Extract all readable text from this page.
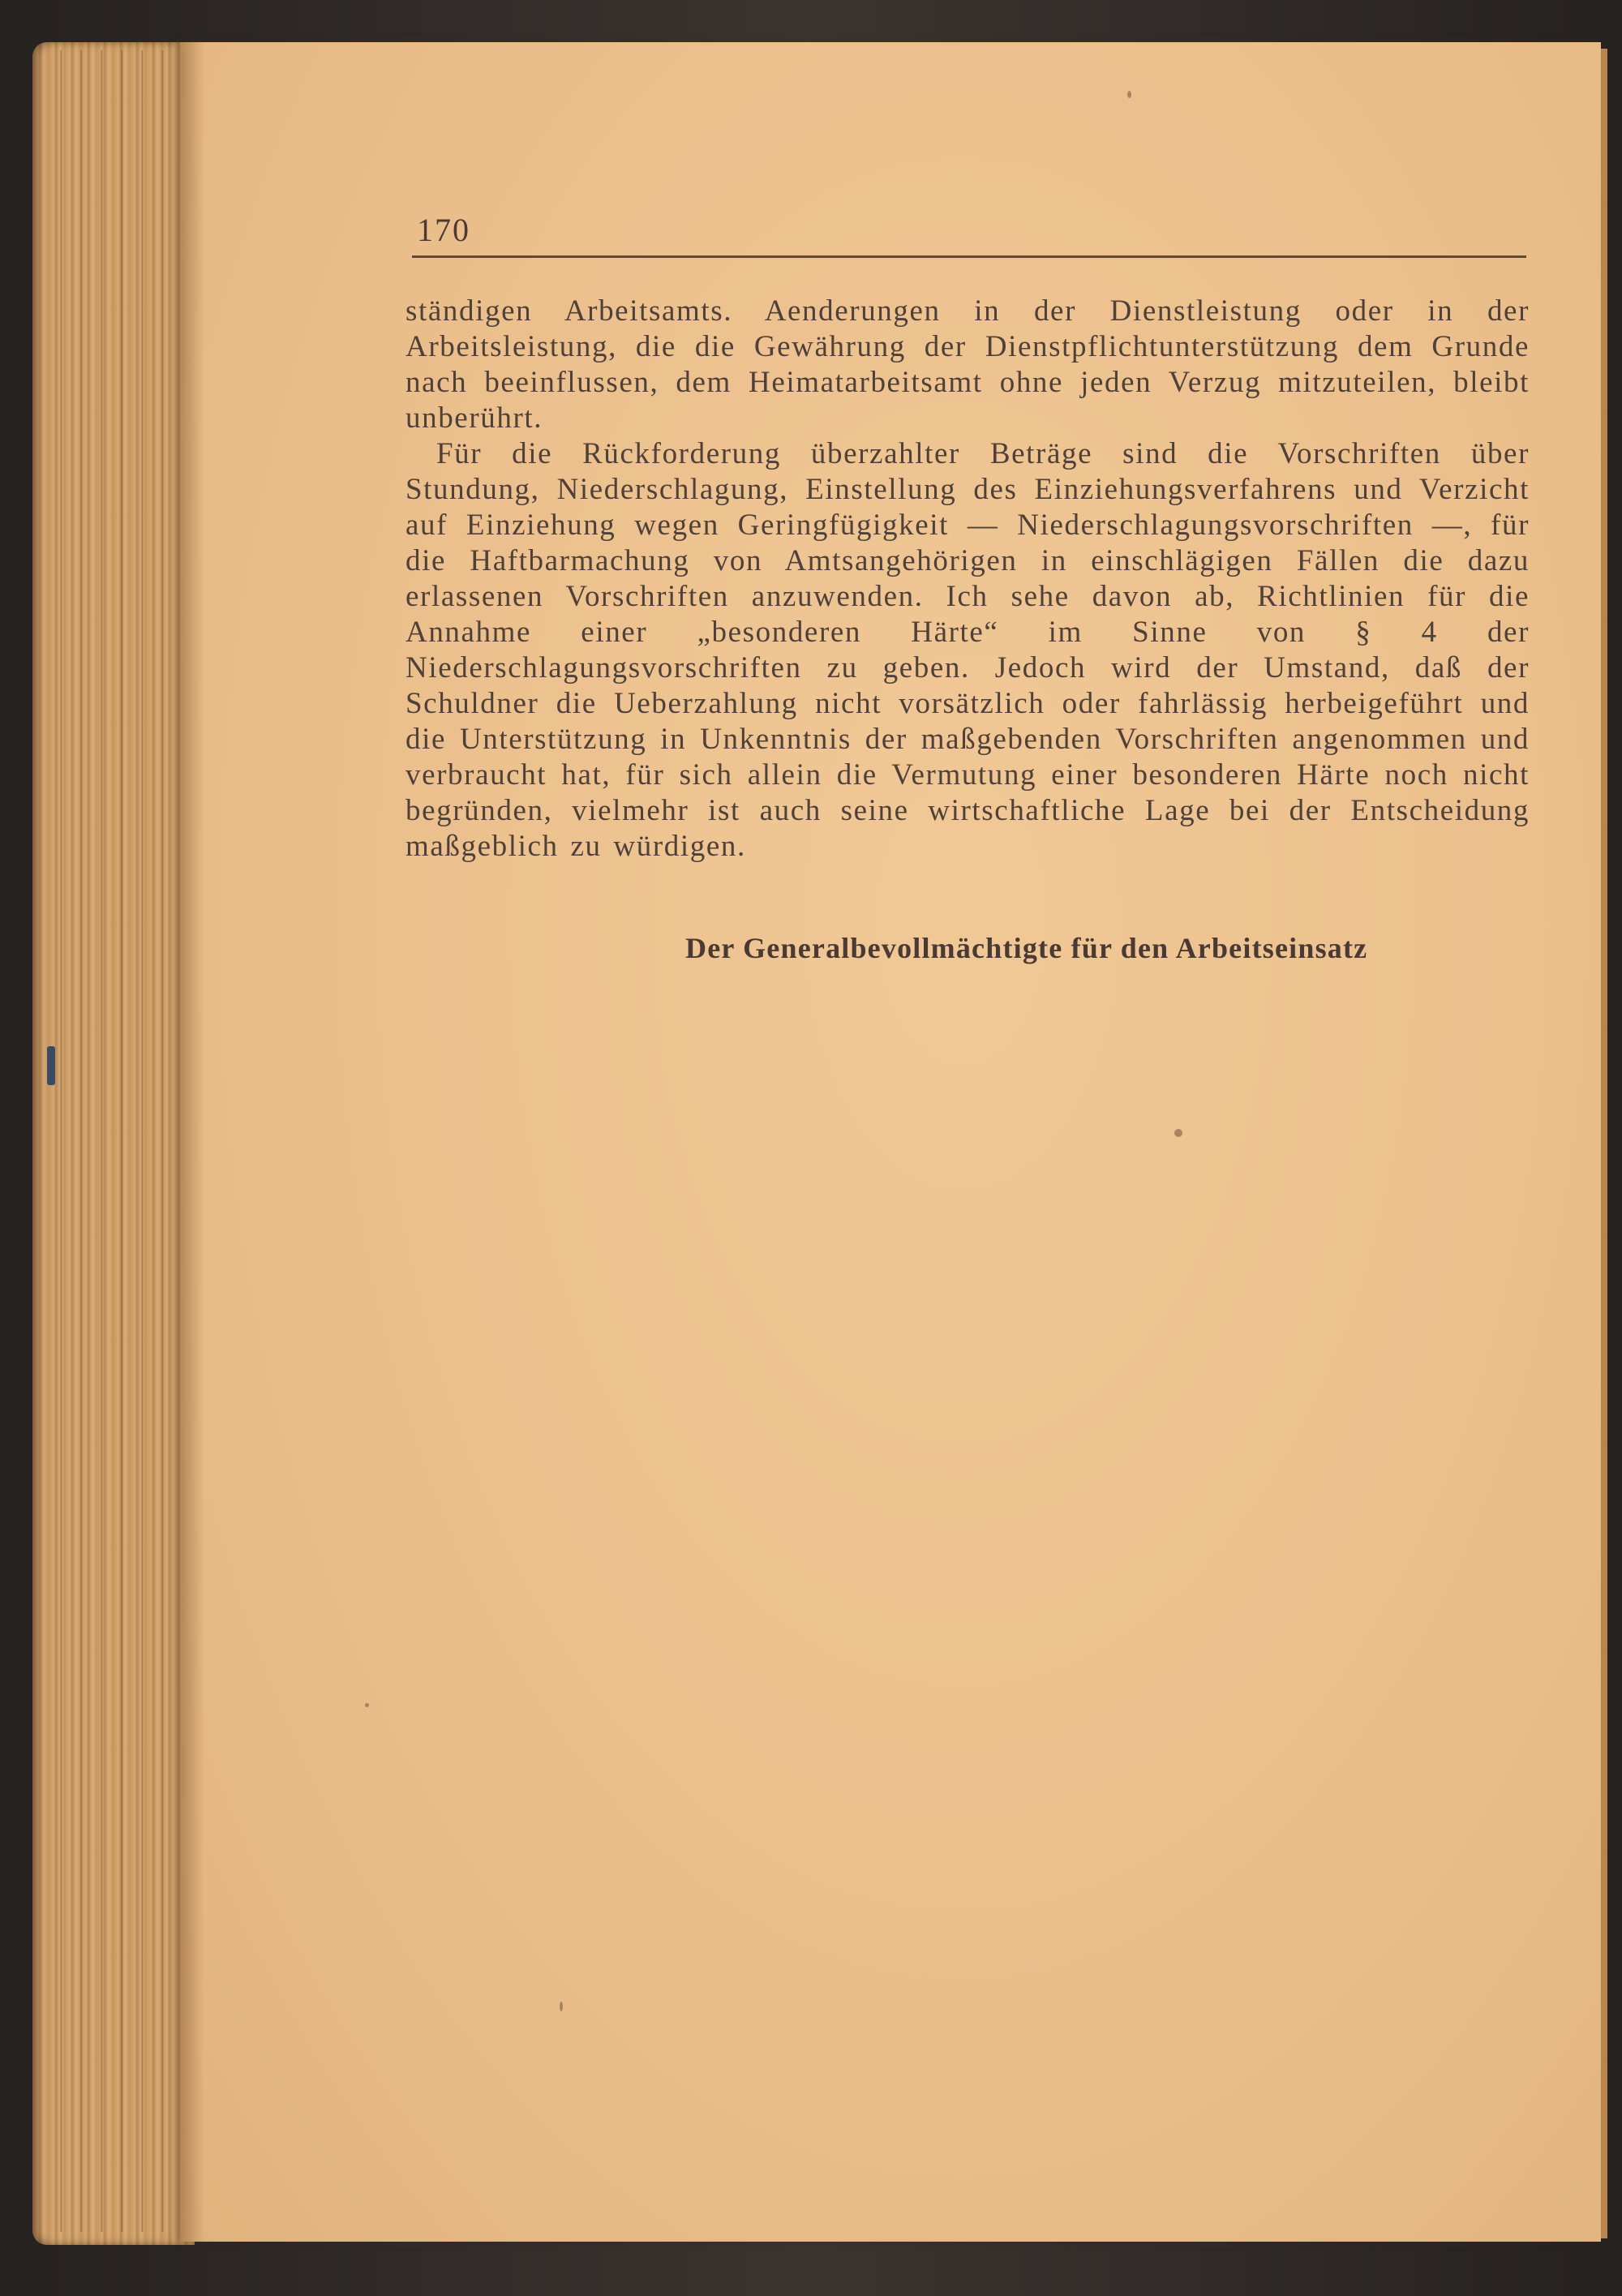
170

ständigen Arbeitsamts. Aenderungen in der Dienstleistung oder in der Arbeitsleistung, die die Gewährung der Dienstpflichtunterstützung dem Grunde nach beeinflussen, dem Heimatarbeitsamt ohne jeden Verzug mitzuteilen, bleibt unberührt.

Für die Rückforderung überzahlter Beträge sind die Vorschriften über Stundung, Niederschlagung, Einstellung des Einziehungsverfahrens und Verzicht auf Einziehung wegen Geringfügigkeit — Niederschlagungsvorschriften —, für die Haftbarmachung von Amtsangehörigen in einschlägigen Fällen die dazu erlassenen Vorschriften anzuwenden. Ich sehe davon ab, Richtlinien für die Annahme einer „besonderen Härte“ im Sinne von § 4 der Niederschlagungsvorschriften zu geben. Jedoch wird der Umstand, daß der Schuldner die Ueberzahlung nicht vorsätzlich oder fahrlässig herbeigeführt und die Unterstützung in Unkenntnis der maßgebenden Vorschriften angenommen und verbraucht hat, für sich allein die Vermutung einer besonderen Härte noch nicht begründen, vielmehr ist auch seine wirtschaftliche Lage bei der Entscheidung maßgeblich zu würdigen.

Der Generalbevollmächtigte für den Arbeitseinsatz
